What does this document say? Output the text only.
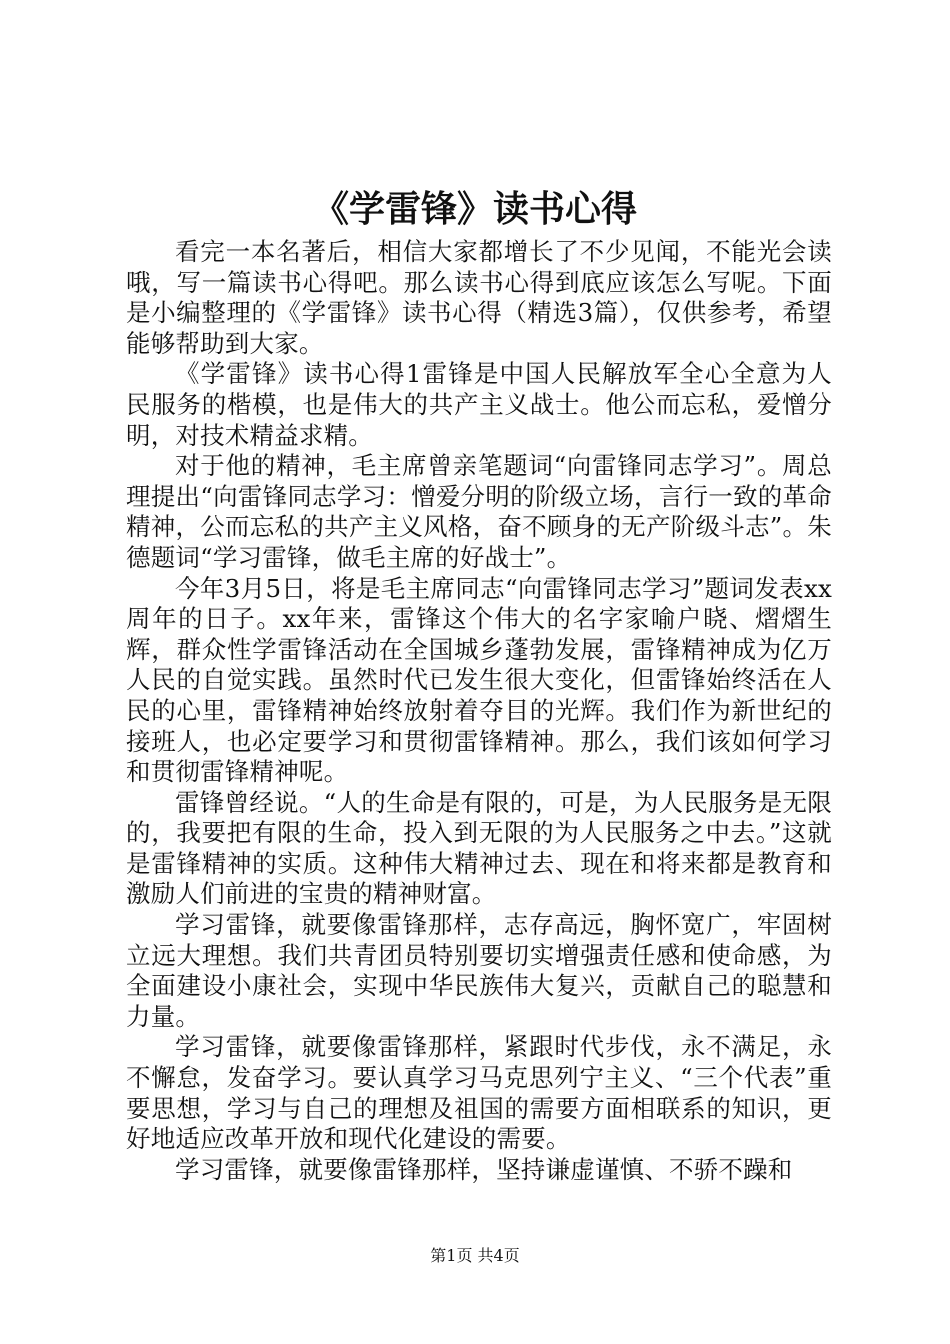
《学雷锋》读书心得

看完一本名著后，相信大家都增长了不少见闻，不能光会读哦，写一篇读书心得吧。那么读书心得到底应该怎么写呢。下面是小编整理的《学雷锋》读书心得（精选3篇），仅供参考，希望能够帮助到大家。

《学雷锋》读书心得1雷锋是中国人民解放军全心全意为人民服务的楷模，也是伟大的共产主义战士。他公而忘私，爱憎分明，对技术精益求精。

对于他的精神，毛主席曾亲笔题词“向雷锋同志学习”。周总理提出“向雷锋同志学习：憎爱分明的阶级立场，言行一致的革命精神，公而忘私的共产主义风格，奋不顾身的无产阶级斗志”。朱德题词“学习雷锋，做毛主席的好战士”。

今年3月5日，将是毛主席同志“向雷锋同志学习”题词发表xx周年的日子。xx年来，雷锋这个伟大的名字家喻户晓、熠熠生辉，群众性学雷锋活动在全国城乡蓬勃发展，雷锋精神成为亿万人民的自觉实践。虽然时代已发生很大变化，但雷锋始终活在人民的心里，雷锋精神始终放射着夺目的光辉。我们作为新世纪的接班人，也必定要学习和贯彻雷锋精神。那么，我们该如何学习和贯彻雷锋精神呢。

雷锋曾经说。“人的生命是有限的，可是，为人民服务是无限的，我要把有限的生命，投入到无限的为人民服务之中去。”这就是雷锋精神的实质。这种伟大精神过去、现在和将来都是教育和激励人们前进的宝贵的精神财富。

学习雷锋，就要像雷锋那样，志存高远，胸怀宽广，牢固树立远大理想。我们共青团员特别要切实增强责任感和使命感，为全面建设小康社会，实现中华民族伟大复兴，贡献自己的聪慧和力量。

学习雷锋，就要像雷锋那样，紧跟时代步伐，永不满足，永不懈怠，发奋学习。要认真学习马克思列宁主义、“三个代表”重要思想，学习与自己的理想及祖国的需要方面相联系的知识，更好地适应改革开放和现代化建设的需要。

学习雷锋，就要像雷锋那样，坚持谦虚谨慎、不骄不躁和

第1页 共4页
